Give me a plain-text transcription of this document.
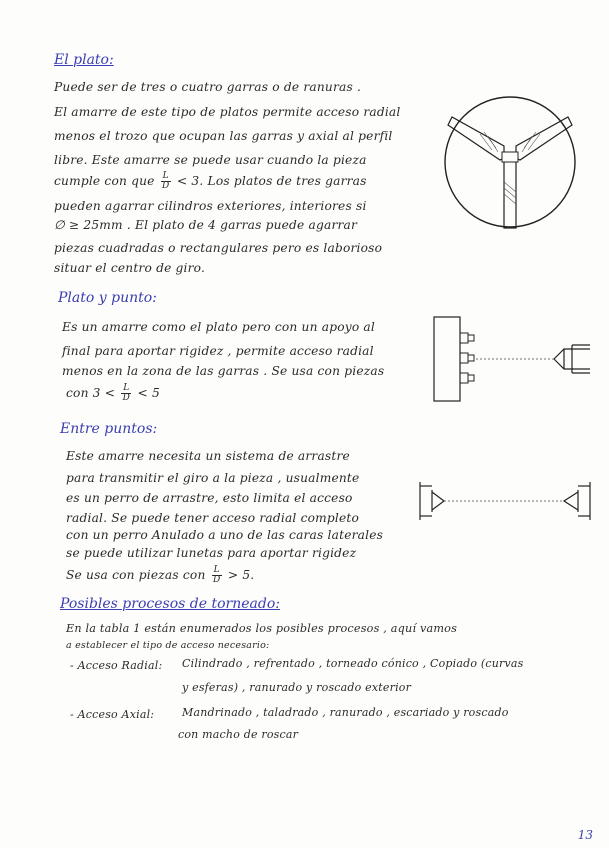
El plato:
Puede ser de tres o cuatro garras o de ranuras .
El amarre de este tipo de platos permite acceso radial
menos el trozo que ocupan las garras y axial al perfil
libre. Este amarre se puede usar cuando la pieza
cumple con que $\frac{L}{D} < 3$. Los platos de tres garras
pueden agarrar cilindros exteriores, interiores si
∅ ≥ 25mm . El plato de 4 garras puede agarrar
piezas cuadradas o rectangulares pero es laborioso
situar el centro de giro.
Plato y punto:
Es un amarre como el plato pero con un apoyo al
final para aportar rigidez , permite acceso radial
menos en la zona de las garras . Se usa con piezas
con $3 < \frac{L}{D} < 5$
Entre puntos:
Este amarre necesita un sistema de arrastre
para transmitir el giro a la pieza , usualmente
es un perro de arrastre, esto limita el acceso
radial. Se puede tener acceso radial completo
con un perro Anulado a uno de las caras laterales
se puede utilizar lunetas para aportar rigidez
Se usa con piezas con $\frac{L}{D} > 5$.
Posibles procesos de torneado:
En la tabla 1 están enumerados los posibles procesos , aquí vamos
a establecer el tipo de acceso necesario:
- Acceso Radial: Cilindrado , refrentado , torneado cónico , Copiado (curvas
y esferas) , ranurado y roscado exterior
- Acceso Axial:	Mandrinado , taladrado , ranurado , escariado y roscado
con macho de roscar
13
